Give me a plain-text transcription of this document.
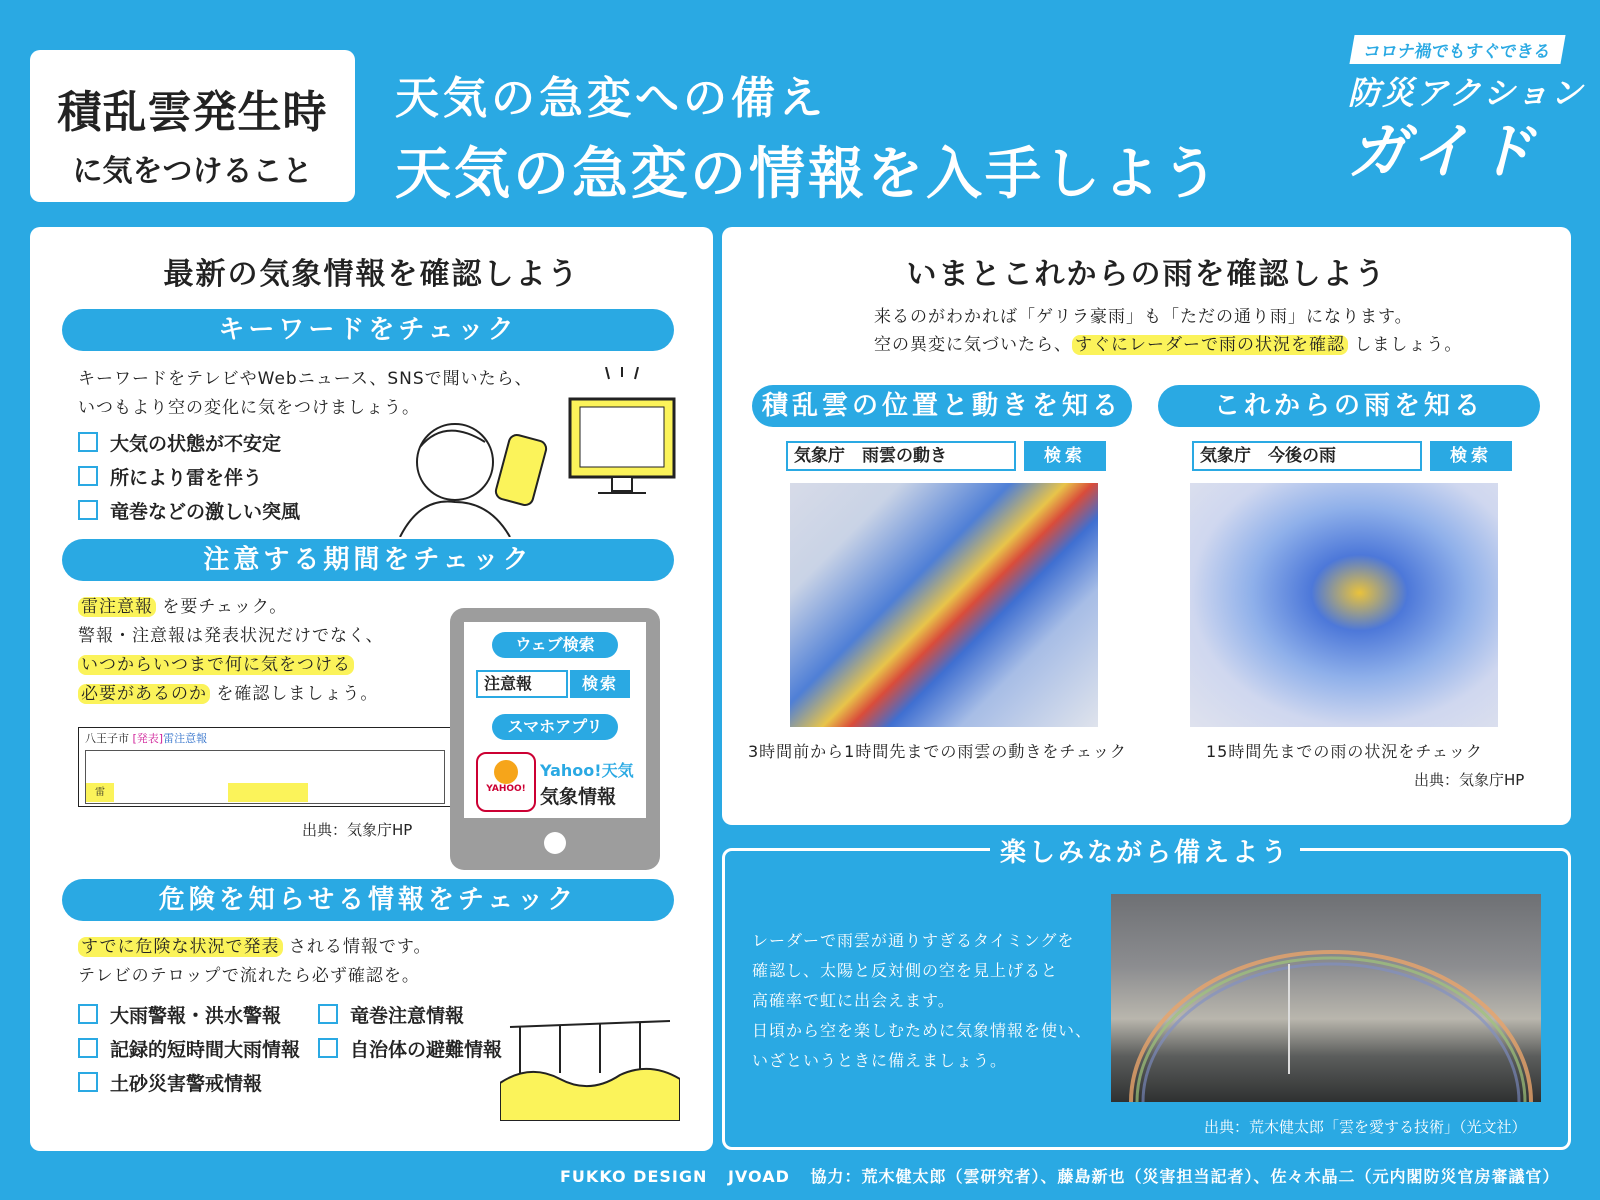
積乱雲発生時
に気をつけること
天気の急変への備え
天気の急変の情報を入手しよう
コロナ禍でもすぐできる
防災アクション
ガイド
最新の気象情報を確認しよう
キーワードをチェック
キーワードをテレビやWebニュース、SNSで聞いたら、
いつもより空の変化に気をつけましょう。
大気の状態が不安定
所により雷を伴う
竜巻などの激しい突風
注意する期間をチェック
雷注意報 を要チェック。
警報・注意報は発表状況だけでなく、
いつからいつまで何に気をつける
必要があるのか を確認しましょう。
八王子市 [発表]雷注意報
雷
出典：気象庁HP
ウェブ検索
注意報	検索
スマホアプリ
YAHOO!
Yahoo!天気
気象情報
危険を知らせる情報をチェック
すでに危険な状況で発表 される情報です。
テレビのテロップで流れたら必ず確認を。
大雨警報・洪水警報
記録的短時間大雨情報
土砂災害警戒情報
竜巻注意情報
自治体の避難情報
いまとこれからの雨を確認しよう
来るのがわかれば「ゲリラ豪雨」も「ただの通り雨」になります。
空の異変に気づいたら、 すぐにレーダーで雨の状況を確認 しましょう。
積乱雲の位置と動きを知る	これからの雨を知る
気象庁　雨雲の動き	検索	気象庁　今後の雨	検索
3時間前から1時間先までの雨雲の動きをチェック	15時間先までの雨の状況をチェック
出典：気象庁HP
楽しみながら備えよう
レーダーで雨雲が通りすぎるタイミングを
確認し、太陽と反対側の空を見上げると
高確率で虹に出会えます。
日頃から空を楽しむために気象情報を使い、
いざというときに備えましょう。
出典：荒木健太郎「雲を愛する技術」（光文社）
FUKKO DESIGN JVOAD 協力：荒木健太郎（雲研究者）、藤島新也（災害担当記者）、佐々木晶二（元内閣防災官房審議官）
